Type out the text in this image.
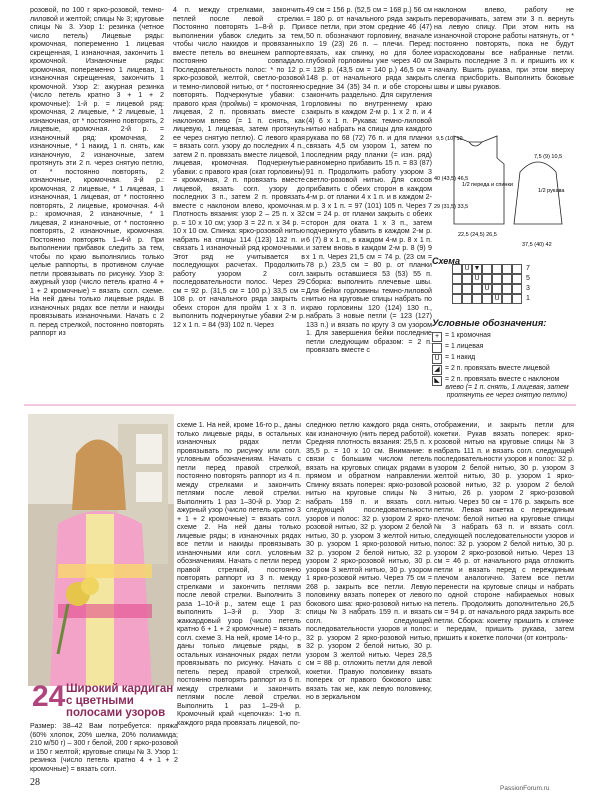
розовой, по 100 г ярко-розовой, темно-лиловой и желтой; спицы № 3; круговые спицы № 3. Узор 1: резинка (четное число петель) Лицевые ряды: кромочная, попеременно 1 лицевая скрещенная, 1 изнаночная, закончить 1 кромочной. Изнаночные ряды: кромочная, попеременно 1 лицевая, 1 изнаночная скрещенная, закончить 1 кромочной. Узор 2: ажурная резинка (число петель кратно 3 + 1 + 2 кромочные): 1-й р. = лицевой ряд: кромочная, 2 лицевые, * 2 лицевые, 1 изнаночная, от * постоянно повторять, 2 лицевые, кромочная. 2-й р. = изнаночный ряд: кромочная, 2 изнаночные, * 1 накид, 1 п. снять, как изнаночную, 2 изнаночные, затем протянуть эти 2 п. через снятую петлю, от * постоянно повторять, 2 изнаночные, кромочная. 3-й р.: кромочная, 2 лицевые, * 1 лицевая, 1 изнаночная, 1 лицевая, от * постоянно повторять, 2 лицевые, кромочная. 4-й р.: кромочная, 2 изнаночные, * 1 лицевая, 2 изнаночные, от * постоянно повторять, 2 изнаночные, кромочная. Постоянно повторять 1–4-й р. При выполнении прибавок следить за тем, чтобы по краю выполнялись только целые раппорты, в противном случае петли провязывать по рисунку. Узор 3: ажурный узор (число петель кратно 4 + 1 + 2 кромочные) = вязать согл. схеме. На ней даны только лицевые ряды. В изнаночных рядах все петли и накиды провязывать изнаночными. Начать с 2 п. перед стрелкой, постоянно повторять раппорт из

4 п. между стрелками, закончить петлей после левой стрелки. Постоянно повторять 1–8-й р. При выполнении убавок следить за тем, чтобы число накидов и провязанных вместе петель во внешнем раппорте постоянно совпадало. Последовательность полос: * по 12 р. ярко-розовой, желтой, светло-розовой и темно-лиловой нитью, от * постоянно повторять. Подчеркнутые убавки: с правого края (проймы) = кромочная, 1 лицевая, 2 п. провязать вместе с наклоном влево (= 1 п. снять, как лицевую, 1 лицевая, затем протянуть ее через снятую петлю). С левого края = вязать согл. узору до последних 4 п., затем 2 п. провязать вместе лицевой, 1 лицевая, кромочная. Подчеркнутые убавки: с правого края (скат горловины) = кромочная, 2 п. провязать вместе лицевой, вязать согл. узору до последних 3 п., затем 2 п. провязать вместе с наклоном влево, кромочная. Плотность вязания: узор 2 – 25 п. x 32 р. = 10 x 10 см; узор 3 = 22 п. x 34 р. = 10 x 10 см. Спинка: ярко-розовой нитью набрать на спицы 114 (123) 132 п. и связать 1 изнаночный ряд кромочными. Этот ряд не учитывается в последующих расчетах. Продолжить работу узором 2 согл. последовательности полос. Через 29 см = 92 р. (31,5 см = 100 р.) 33,5 см = 108 р. от начального ряда закрыть с обеих сторон для пройм 1 x 3 п. и выполнить подчеркнутые убавки 2-м р. 12 x 1 п. = 84 (93) 102 п. Через

49 см = 156 р. (52,5 см = 168 р.) 56 см = 180 р. от начального ряда закрыть все петли, при этом средние 46 (47) 50 п. обозначают горловину, вначале по 19 (23) 26 п. – плечи. Перед: вязать, как спинку, но для более глубокой горловины уже через 40 см = 128 р. (43,5 см = 140 р.) 46,5 см = 148 р. от начального ряда закрыть средние 34 (35) 34 п. и обе стороны закончить раздельно. Для скругления горловины по внутреннему краю закрыть в каждом 2-м р. 1 x 2 п. и 4 (4) 6 x 1 п. Рукава: темно-лиловой нитью набрать на спицы для каждого рукава по 68 (72) 76 п. и для планки связать 4,5 см узором 1, затем по последним ряду планки (= изн. ряд) равномерно прибавить 15 п. = 83 (87) 91 п. Продолжить работу узором 3 светло-розовой нитью. Для скосов прибавить с обеих сторон в каждом 4-м р. от планки 4 x 1 п. и в каждом 2-м р. 3 x 1 п. = 97 (101) 105 п. Через 7 см = 24 р. от планки закрыть с обеих сторон для оката 1 x 3 п., затем подчеркнуто убавить в каждом 2-м р. 6 (7) 8 x 1 п., в каждом 4-м р. 8 x 1 п. и затем вновь в каждом 2-м р. 8 (9) 9 x 1 п. Через 21,5 см = 74 р. (23 см = 78 р.) 23,5 см = 80 р. от планки закрыть оставшиеся 53 (53) 55 п. Сборка: выполнить плечевые швы. Для бейки горловины темно-лиловой нитью на круговые спицы набрать по краю горловины 120 (124) 130 п., набрать 3 новые петли (= 123 (127) 133 п.) и вязать по кругу 3 см узором 1. Для завершения бейки последние петли следующим образом: = 2 п. провязать вместе с

наклоном влево, работу не переворачивать, затем эти 3 п. вернуть на левую спицу. При этом нить на изнаночной стороне работы натянуть, от * постоянно повторять, пока не будут израсходованы все набранные петли. Закрыть последние 3 п. и пришить их к началу. Вшить рукава, при этом вверху слегка присборить. Выполнить боковые швы и швы рукавов.

9,5 (10) 10
40 (43,5) 46,5
29 (31,5) 33,5
22,5 (24,5) 26,5
1/2 переда и спинки
7,5 (9) 10,5
1/2 рукава
37,5 (40) 42
Схема
U ▼
U
U
U
7
5
3
1
Условные обозначения:
+ = 1 кромочная
= 1 лицевая
U = 1 накид
◢ = 2 п. провязать вместе лицевой
◣ = 2 п. провязать вместе с наклоном
влево (= 1 п. снять, 1 лицевая, затем протянуть ее через снятую петлю)
24 Широкий кардиган с цветными полосами узоров

Размер: 38–42 Вам потребуется: пряжа (60% хлопок, 20% шелка, 20% полиамида; 210 м/50 г) – 300 г белой, 200 г ярко-розовой и 150 г желтой; круговые спицы № 3. Узор 1: резинка (число петель кратно 4 + 1 + 2 кромочные) = вязать согл.

схеме 1. На ней, кроме 16-го р., даны только лицевые ряды, в остальных изнаночных рядах петли провязывать по рисунку или согл. условным обозначениям. Начать с петли перед правой стрелкой, постоянно повторять раппорт из 4 п. между стрелками и закончить петлями после левой стрелки. Выполнить 1 раз 1–30-й р. Узор 2: ажурный узор (число петель кратно 3 + 1 + 2 кромочные) = вязать согл. схеме 2. На ней даны только лицевые ряды; в изнаночных рядах все петли и накиды провязывать изнаночными или согл. условным обозначениям. Начать с петли перед правой стрелкой, постоянно повторять раппорт из 3 п. между стрелками и закончить петлями после левой стрелки. Выполнить 3 раза 1–10-й р., затем еще 1 раз выполнить 1–3-й р. Узор 3: жаккардовый узор (число петель кратно 6 + 1 + 2 кромочные) = вязать согл. схеме 3. На ней, кроме 14-го р., даны только лицевые ряды, в остальных изнаночных рядах петли провязывать по рисунку. Начать с петель перед правой стрелкой, постоянно повторять раппорт из 6 п. между стрелками и закончить петлями после левой стрелки. Выполнить 1 раз 1–29-й р. Кромочный край «цепочка»: 1-ю п. каждого ряда провязать лицевой, по-

следнюю петлю каждого ряда снять, как изнаночную (нить перед работой). Средняя плотность вязания: 25,5 п. x 35,5 р. = 10 x 10 см. Внимание: в связи с большим числом петель вязать на круговых спицах рядами в прямом и обратном направлении. Спинку вязать поперек: ярко-розовой нитью на круговые спицы № 3 набрать 159 п. и вязать согл. следующей последовательности узоров и полос: 32 р. узором 2 ярко-розовой нитью, 32 р. узором 2 белой нитью, 30 р. узором 3 желтой нитью, 30 р. узором 1 ярко-розовой нитью, 32 р. узором 2 белой нитью, 32 р. узором 2 ярко-розовой нитью, 30 р. узором 3 желтой нитью, 30 р. узором 1 ярко-розовой нитью. Через 75 см = 268 р. закрыть все петли. Левую половинку вязать поперек от левого бокового шва: ярко-розовой нитью на спицы № 3 набрать 159 п. и вязать согл. следующей последовательности узоров и полос: 32 р. узором 2 ярко-розовой нитью, 32 р. узором 2 белой нитью, 30 р. узором 3 желтой нитью. Через 28,5 см = 88 р. отложить петли для левой кокетки. Правую половинку вязать поперек от правого бокового шва: вязать так же, как левую половинку, но в зеркальном

отображении, и закрыть петли для кокетки. Рукав вязать поперек: ярко-розовой нитью на круговые спицы № 3 набрать 111 п. и вязать согл. следующей последовательности узоров и полос: 32 р. узором 2 белой нитью, 30 р. узором 3 желтой нитью, 30 р. узором 1 ярко-розовой нитью, 32 р. узором 2 белой нитью, 26 р. узором 2 ярко-розовой нитью. Через 50 см = 176 р. закрыть все петли. Левая кокетка с переждиным плечом: белой нитью на круговые спицы № 3 набрать 63 п. и вязать согл. следующей последовательности узоров и полос: 32 р. узором 2 белой нитью, 30 р. узором 2 ярко-розовой нитью. Через 13 см = 46 р. от начального ряда отложить петли и вязать перед с переждиным плечом аналогично. Затем все петли перенести на круговые спицы и набрать по одной стороне набираемых новых петель. Продолжить дополнительно 26,5 см = 94 р. от начального ряда закрыть все петли. Сборка: кокетку пришить к спинке и передам, пришить рукава, затем пришить к кокетке полочки (от контроль-

28
PassionForum.ru
